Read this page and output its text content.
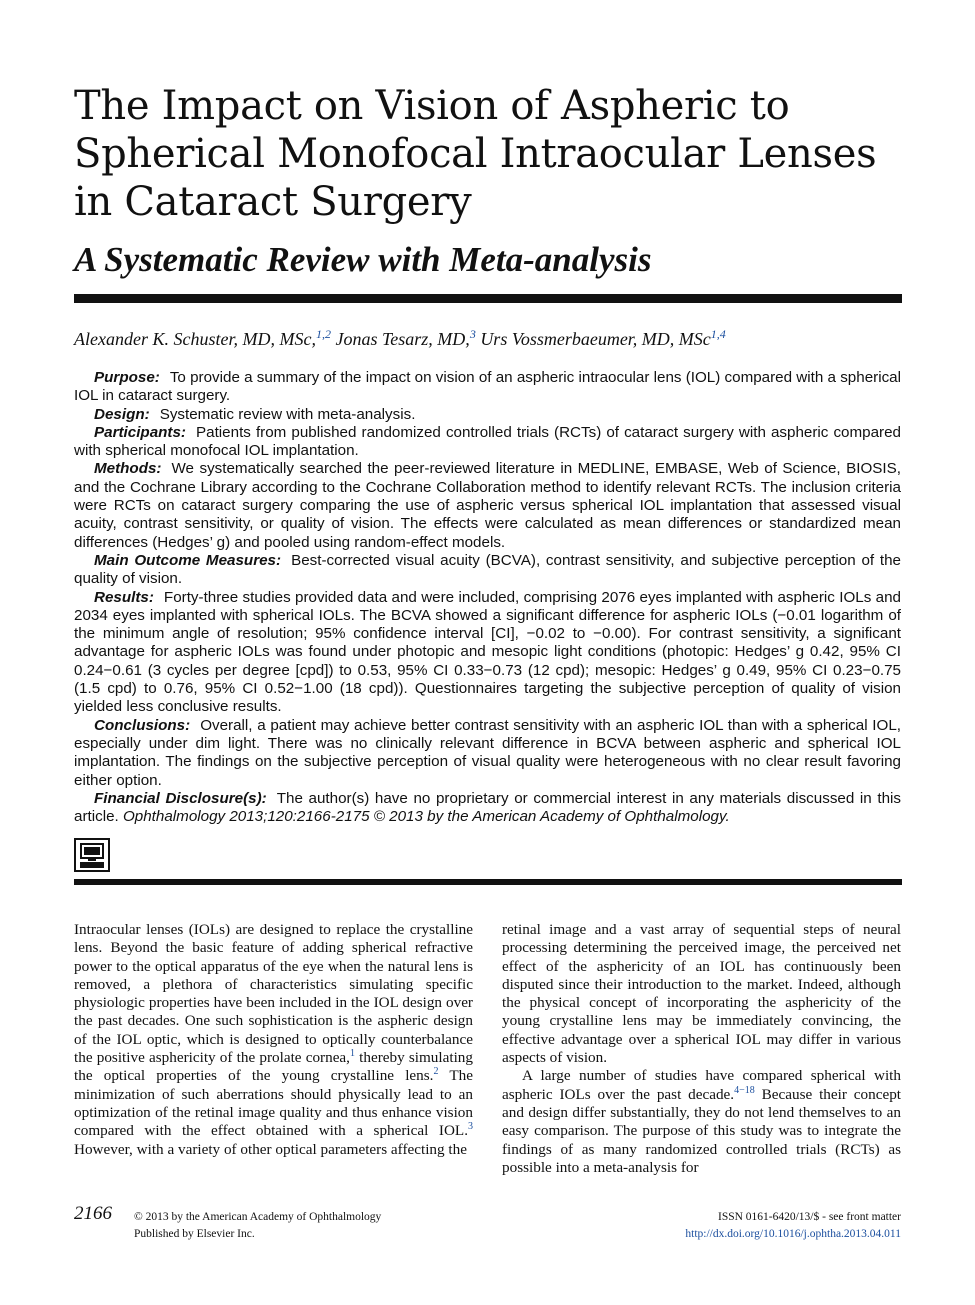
The Impact on Vision of Aspheric to Spherical Monofocal Intraocular Lenses in Cataract Surgery
A Systematic Review with Meta-analysis
Alexander K. Schuster, MD, MSc,$^{1,2}$ Jonas Tesarz, MD,$^3$ Urs Vossmerbaeumer, MD, MSc$^{1,4}$

Purpose: To provide a summary of the impact on vision of an aspheric intraocular lens (IOL) compared with a spherical IOL in cataract surgery.

Design: Systematic review with meta-analysis.

Participants: Patients from published randomized controlled trials (RCTs) of cataract surgery with aspheric compared with spherical monofocal IOL implantation.

Methods: We systematically searched the peer-reviewed literature in MEDLINE, EMBASE, Web of Science, BIOSIS, and the Cochrane Library according to the Cochrane Collaboration method to identify relevant RCTs. The inclusion criteria were RCTs on cataract surgery comparing the use of aspheric versus spherical IOL implantation that assessed visual acuity, contrast sensitivity, or quality of vision. The effects were calculated as mean differences or standardized mean differences (Hedges’ g) and pooled using random-effect models.

Main Outcome Measures: Best-corrected visual acuity (BCVA), contrast sensitivity, and subjective perception of the quality of vision.

Results: Forty-three studies provided data and were included, comprising 2076 eyes implanted with aspheric IOLs and 2034 eyes implanted with spherical IOLs. The BCVA showed a significant difference for aspheric IOLs (−0.01 logarithm of the minimum angle of resolution; 95% confidence interval [CI], −0.02 to −0.00). For contrast sensitivity, a significant advantage for aspheric IOLs was found under photopic and mesopic light conditions (photopic: Hedges’ g 0.42, 95% CI 0.24−0.61 (3 cycles per degree [cpd]) to 0.53, 95% CI 0.33−0.73 (12 cpd); mesopic: Hedges’ g 0.49, 95% CI 0.23−0.75 (1.5 cpd) to 0.76, 95% CI 0.52−1.00 (18 cpd)). Questionnaires targeting the subjective perception of quality of vision yielded less conclusive results.

Conclusions: Overall, a patient may achieve better contrast sensitivity with an aspheric IOL than with a spherical IOL, especially under dim light. There was no clinically relevant difference in BCVA between aspheric and spherical IOL implantation. The findings on the subjective perception of visual quality were heterogeneous with no clear result favoring either option.

Financial Disclosure(s): The author(s) have no proprietary or commercial interest in any materials discussed in this article. Ophthalmology 2013;120:2166-2175 © 2013 by the American Academy of Ophthalmology.

Intraocular lenses (IOLs) are designed to replace the crystalline lens. Beyond the basic feature of adding spherical refractive power to the optical apparatus of the eye when the natural lens is removed, a plethora of characteristics simulating specific physiologic properties have been included in the IOL design over the past decades. One such sophistication is the aspheric design of the IOL optic, which is designed to optically counterbalance the positive asphericity of the prolate cornea,$^1$ thereby simulating the optical properties of the young crystalline lens.$^2$ The minimization of such aberrations should physically lead to an optimization of the retinal image quality and thus enhance vision compared with the effect obtained with a spherical IOL.$^3$ However, with a variety of other optical parameters affecting the

retinal image and a vast array of sequential steps of neural processing determining the perceived image, the perceived net effect of the asphericity of an IOL has continuously been disputed since their introduction to the market. Indeed, although the physical concept of incorporating the asphericity of the young crystalline lens may be immediately convincing, the effective advantage over a spherical IOL may differ in various aspects of vision.

A large number of studies have compared spherical with aspheric IOLs over the past decade.$^{4-18}$ Because their concept and design differ substantially, they do not lend themselves to an easy comparison. The purpose of this study was to integrate the findings of as many randomized controlled trials (RCTs) as possible into a meta-analysis for

2166 © 2013 by the American Academy of Ophthalmology
Published by Elsevier Inc.
ISSN 0161-6420/13/$ - see front matter
http://dx.doi.org/10.1016/j.ophtha.2013.04.011
